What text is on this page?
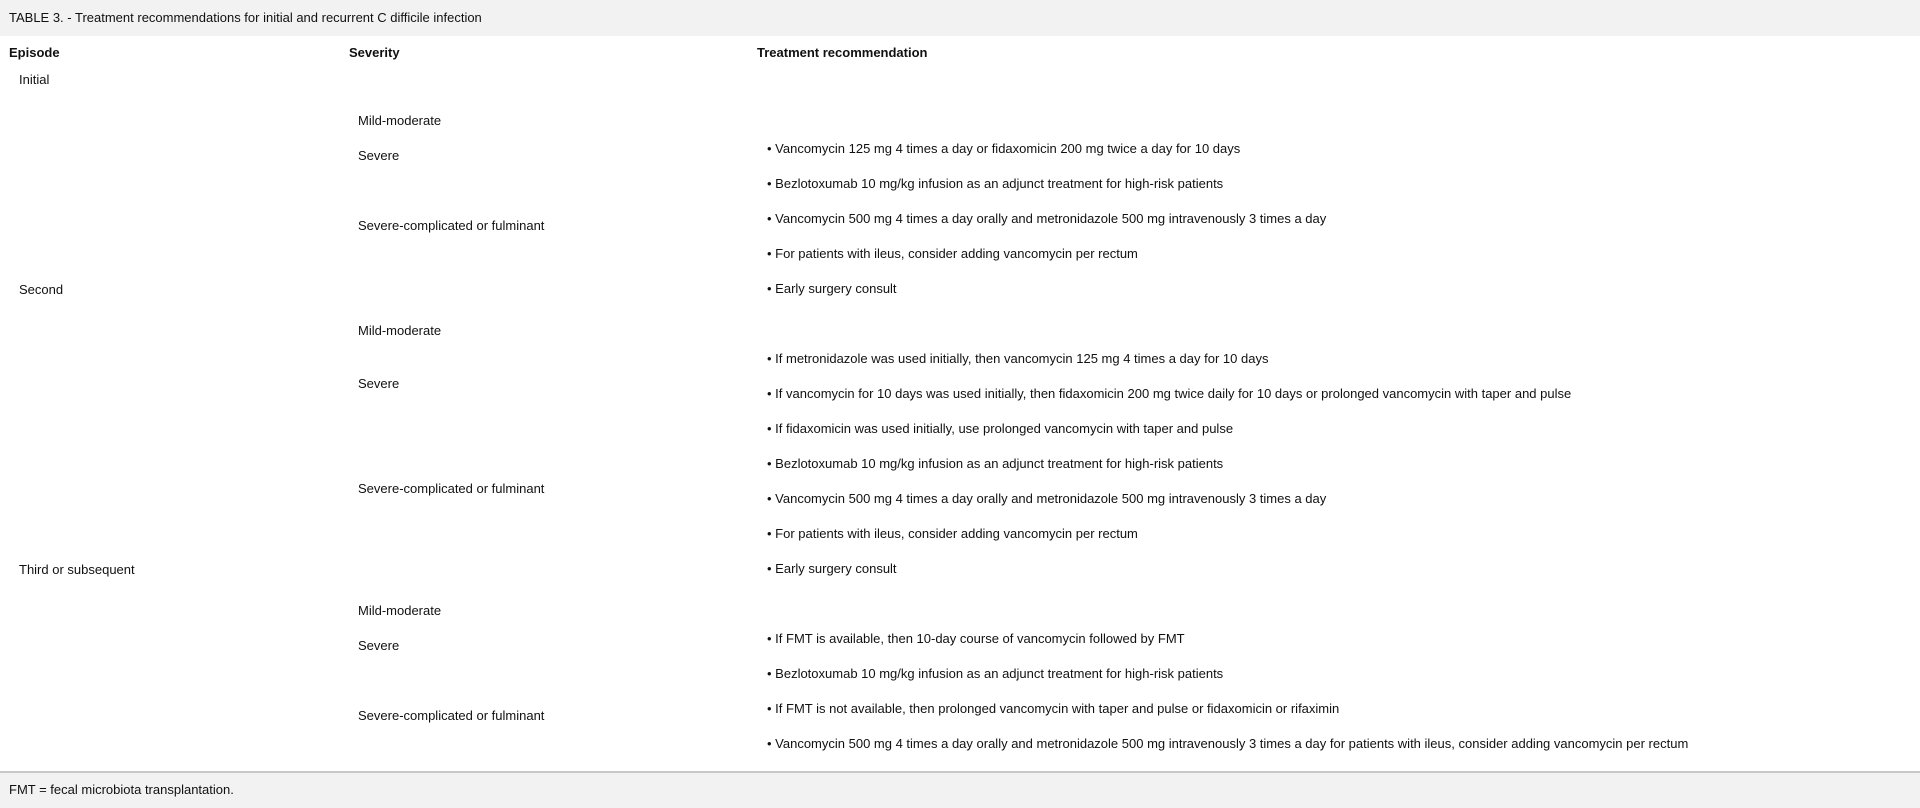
TABLE 3. - Treatment recommendations for initial and recurrent C difficile infection
Episode	Severity	Treatment recommendation
Initial
Mild-moderate
• Vancomycin 125 mg 4 times a day or fidaxomicin 200 mg twice a day for 10 days
Severe
• Bezlotoxumab 10 mg/kg infusion as an adjunct treatment for high-risk patients
• Vancomycin 500 mg 4 times a day orally and metronidazole 500 mg intravenously 3 times a day
Severe-complicated or fulminant
• For patients with ileus, consider adding vancomycin per rectum
• Early surgery consult
Second
Mild-moderate
• If metronidazole was used initially, then vancomycin 125 mg 4 times a day for 10 days
• If vancomycin for 10 days was used initially, then fidaxomicin 200 mg twice daily for 10 days or prolonged vancomycin with taper and pulse
Severe
• If fidaxomicin was used initially, use prolonged vancomycin with taper and pulse
• Bezlotoxumab 10 mg/kg infusion as an adjunct treatment for high-risk patients
• Vancomycin 500 mg 4 times a day orally and metronidazole 500 mg intravenously 3 times a day
Severe-complicated or fulminant
• For patients with ileus, consider adding vancomycin per rectum
• Early surgery consult
Third or subsequent
Mild-moderate
• If FMT is available, then 10-day course of vancomycin followed by FMT
Severe
• Bezlotoxumab 10 mg/kg infusion as an adjunct treatment for high-risk patients
• If FMT is not available, then prolonged vancomycin with taper and pulse or fidaxomicin or rifaximin
Severe-complicated or fulminant
• Vancomycin 500 mg 4 times a day orally and metronidazole 500 mg intravenously 3 times a day for patients with ileus, consider adding vancomycin per rectum
FMT = fecal microbiota transplantation.
